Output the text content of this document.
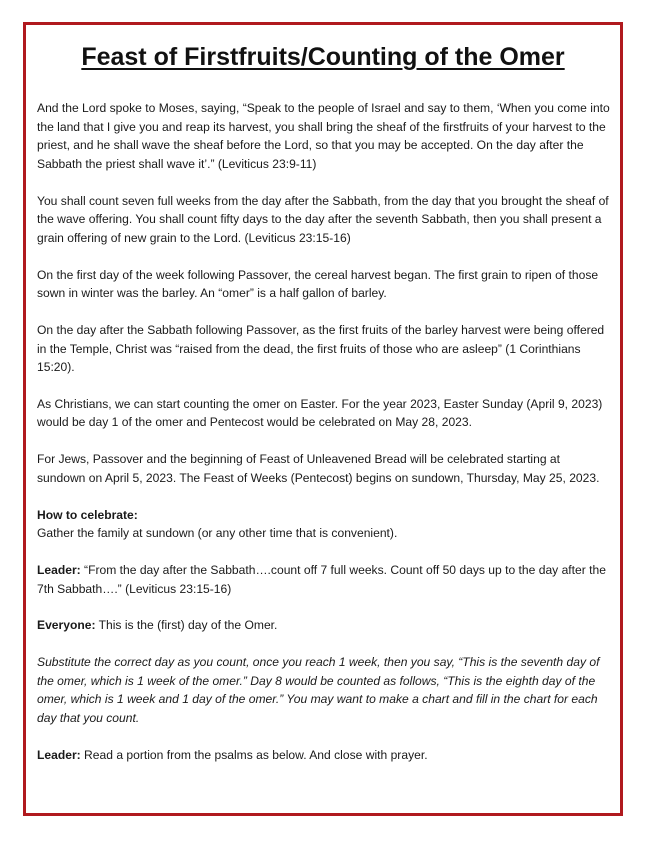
Feast of Firstfruits/Counting of the Omer

And the Lord spoke to Moses, saying, “Speak to the people of Israel and say to them, ‘When you come into the land that I give you and reap its harvest, you shall bring the sheaf of the firstfruits of your harvest to the priest, and he shall wave the sheaf before the Lord, so that you may be accepted. On the day after the Sabbath the priest shall wave it’.” (Leviticus 23:9-11)

You shall count seven full weeks from the day after the Sabbath, from the day that you brought the sheaf of the wave offering. You shall count fifty days to the day after the seventh Sabbath, then you shall present a grain offering of new grain to the Lord. (Leviticus 23:15-16)

On the first day of the week following Passover, the cereal harvest began. The first grain to ripen of those sown in winter was the barley. An “omer” is a half gallon of barley.

On the day after the Sabbath following Passover, as the first fruits of the barley harvest were being offered in the Temple, Christ was “raised from the dead, the first fruits of those who are asleep” (1 Corinthians 15:20).

As Christians, we can start counting the omer on Easter. For the year 2023, Easter Sunday (April 9, 2023) would be day 1 of the omer and Pentecost would be celebrated on May 28, 2023.

For Jews, Passover and the beginning of Feast of Unleavened Bread will be celebrated starting at sundown on April 5, 2023. The Feast of Weeks (Pentecost) begins on sundown, Thursday, May 25, 2023.

How to celebrate:

Gather the family at sundown (or any other time that is convenient).

Leader: “From the day after the Sabbath….count off 7 full weeks. Count off 50 days up to the day after the 7th Sabbath….” (Leviticus 23:15-16)

Everyone: This is the (first) day of the Omer.

Substitute the correct day as you count, once you reach 1 week, then you say, “This is the seventh day of the omer, which is 1 week of the omer.” Day 8 would be counted as follows, “This is the eighth day of the omer, which is 1 week and 1 day of the omer.” You may want to make a chart and fill in the chart for each day that you count.

Leader: Read a portion from the psalms as below. And close with prayer.
